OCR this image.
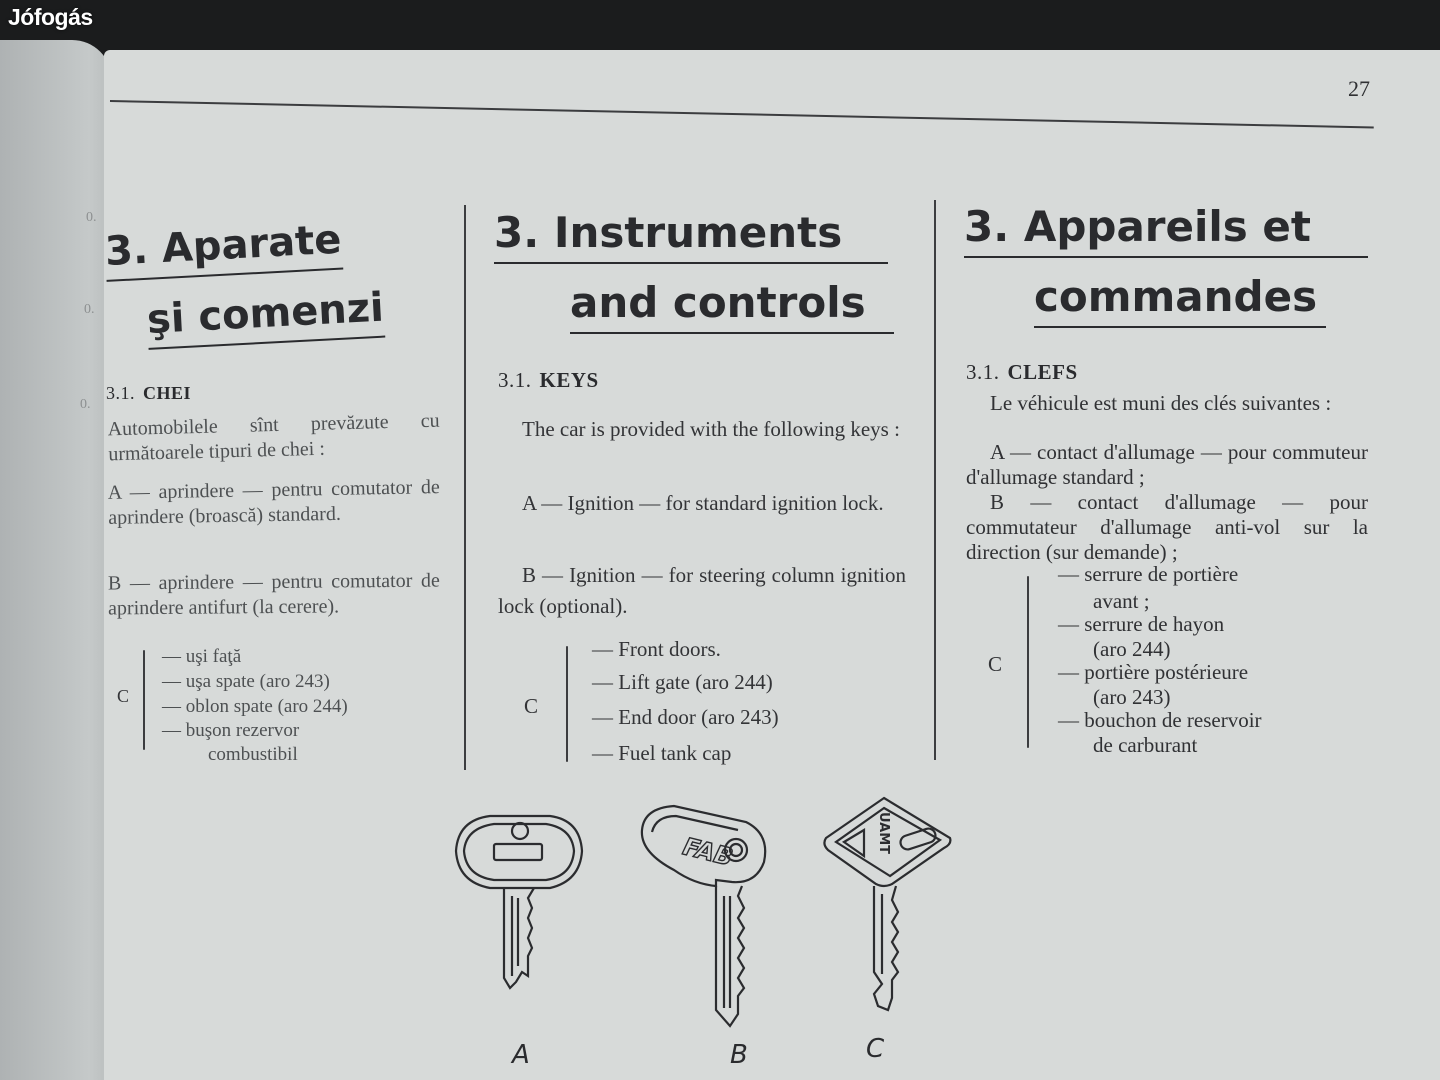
0.
0.
0.
Jófogás
27
3. Aparate
şi comenzi
3.1. CHEI
Automobilele sînt prevăzute cu următoarele tipuri de chei :
A — aprindere — pentru comutator de aprindere (broască) standard.
B — aprindere — pentru comutator de aprindere antifurt (la cerere).
C
— uşi faţă
— uşa spate (aro 243)
— oblon spate (aro 244)
— buşon rezervor
combustibil
3. Instruments
and controls
3.1. KEYS
The car is provided with the following keys :
A — Ignition — for standard ignition lock.
B — Ignition — for steering column ignition lock (optional).
C
— Front doors.
— Lift gate (aro 244)
— End door (aro 243)
— Fuel tank cap
3. Appareils et
commandes
3.1. CLEFS
Le véhicule est muni des clés suivantes :
A — contact d'allumage — pour commuteur d'allumage standard ;
B — contact d'allumage — pour commutateur d'allumage anti-vol sur la direction (sur demande) ;
C
— serrure de portière
avant ;
— serrure de hayon
(aro 244)
— portière postérieure
(aro 243)
— bouchon de reservoir
de carburant
FAB	UAMT
A	B	C
